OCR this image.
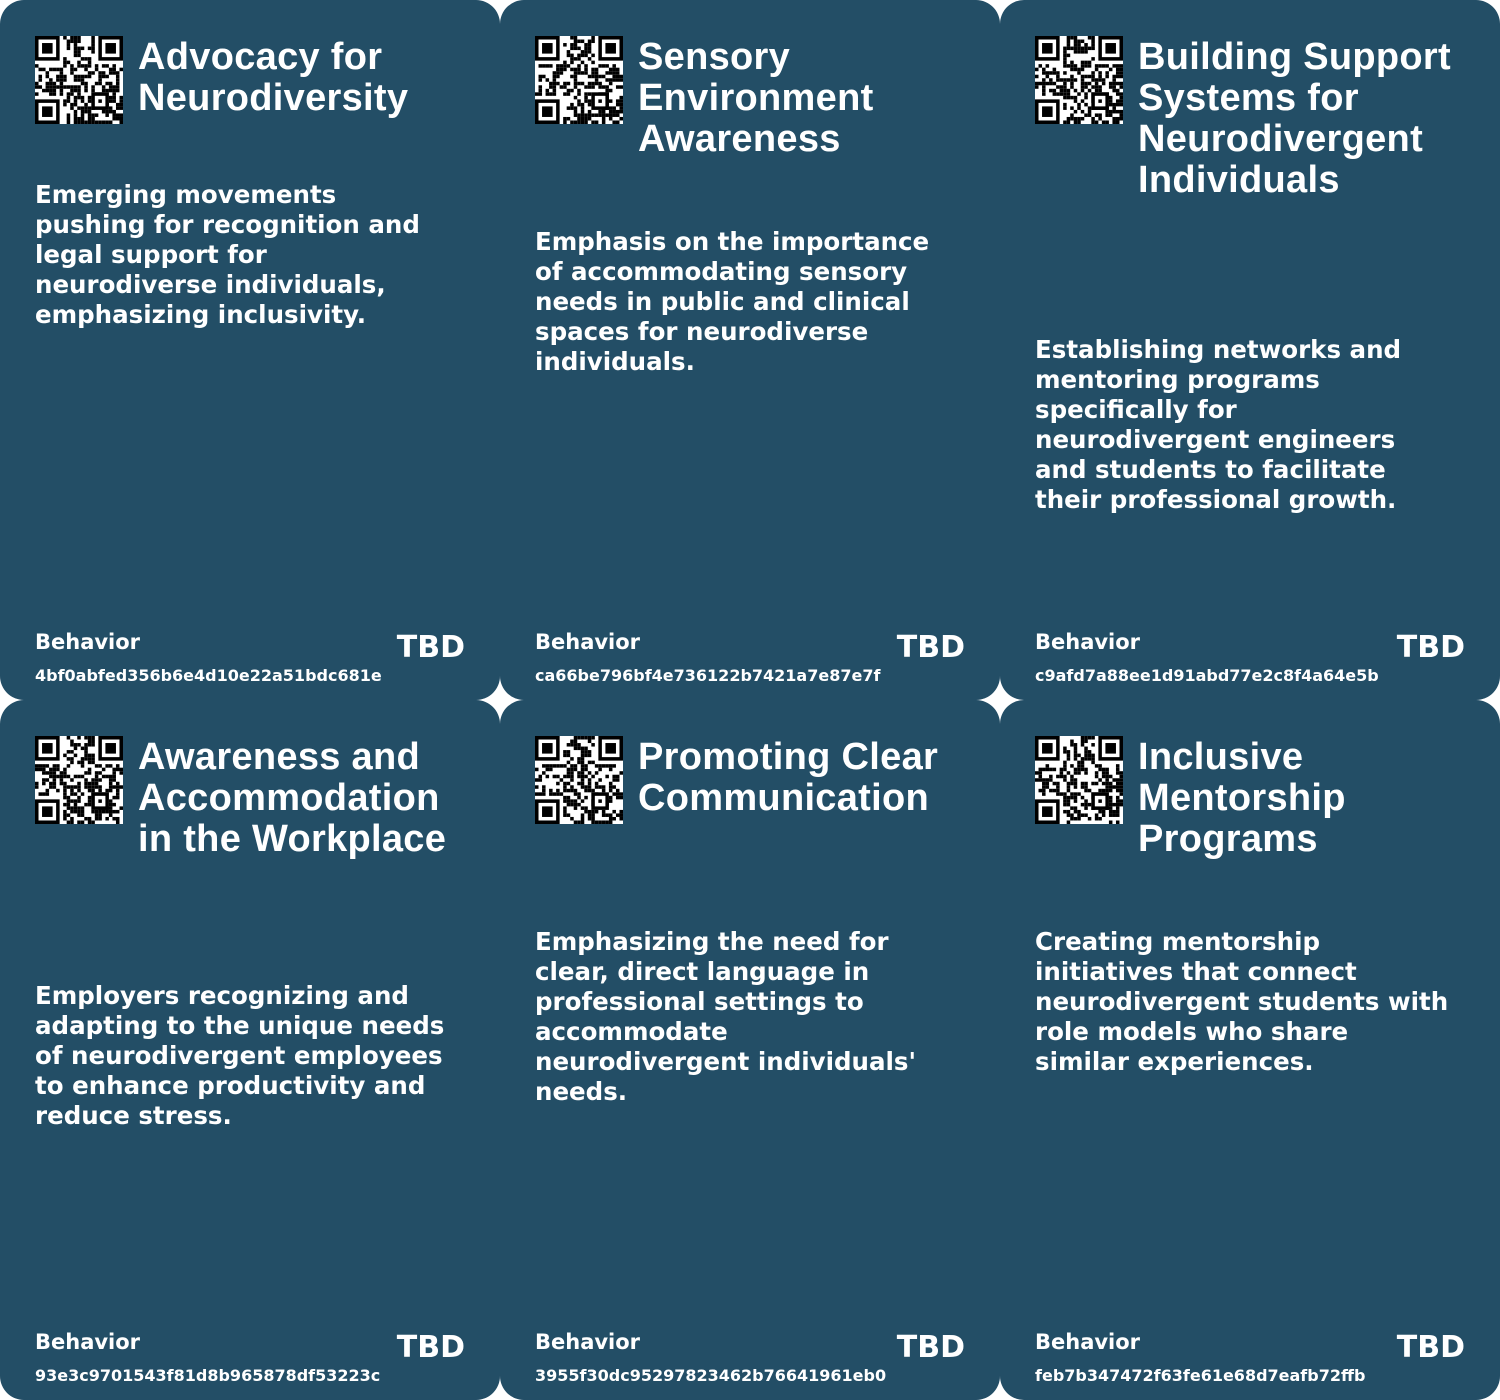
Advocacy for Neurodiversity

Emerging movements pushing for recognition and legal support for neurodiverse individuals, emphasizing inclusivity.

Behavior
4bf0abfed356b6e4d10e22a51bdc681e
TBD
Sensory Environment Awareness

Emphasis on the importance of accommodating sensory needs in public and clinical spaces for neurodiverse individuals.

Behavior
ca66be796bf4e736122b7421a7e87e7f
TBD
Building Support Systems for Neurodivergent Individuals

Establishing networks and mentoring programs specifically for neurodivergent engineers and students to facilitate their professional growth.

Behavior
c9afd7a88ee1d91abd77e2c8f4a64e5b
TBD
Awareness and Accommodation in the Workplace

Employers recognizing and adapting to the unique needs of neurodivergent employees to enhance productivity and reduce stress.

Behavior
93e3c9701543f81d8b965878df53223c
TBD
Promoting Clear Communication

Emphasizing the need for clear, direct language in professional settings to accommodate neurodivergent individuals' needs.

Behavior
3955f30dc95297823462b76641961eb0
TBD
Inclusive Mentorship Programs

Creating mentorship initiatives that connect neurodivergent students with role models who share similar experiences.

Behavior
feb7b347472f63fe61e68d7eafb72ffb
TBD
